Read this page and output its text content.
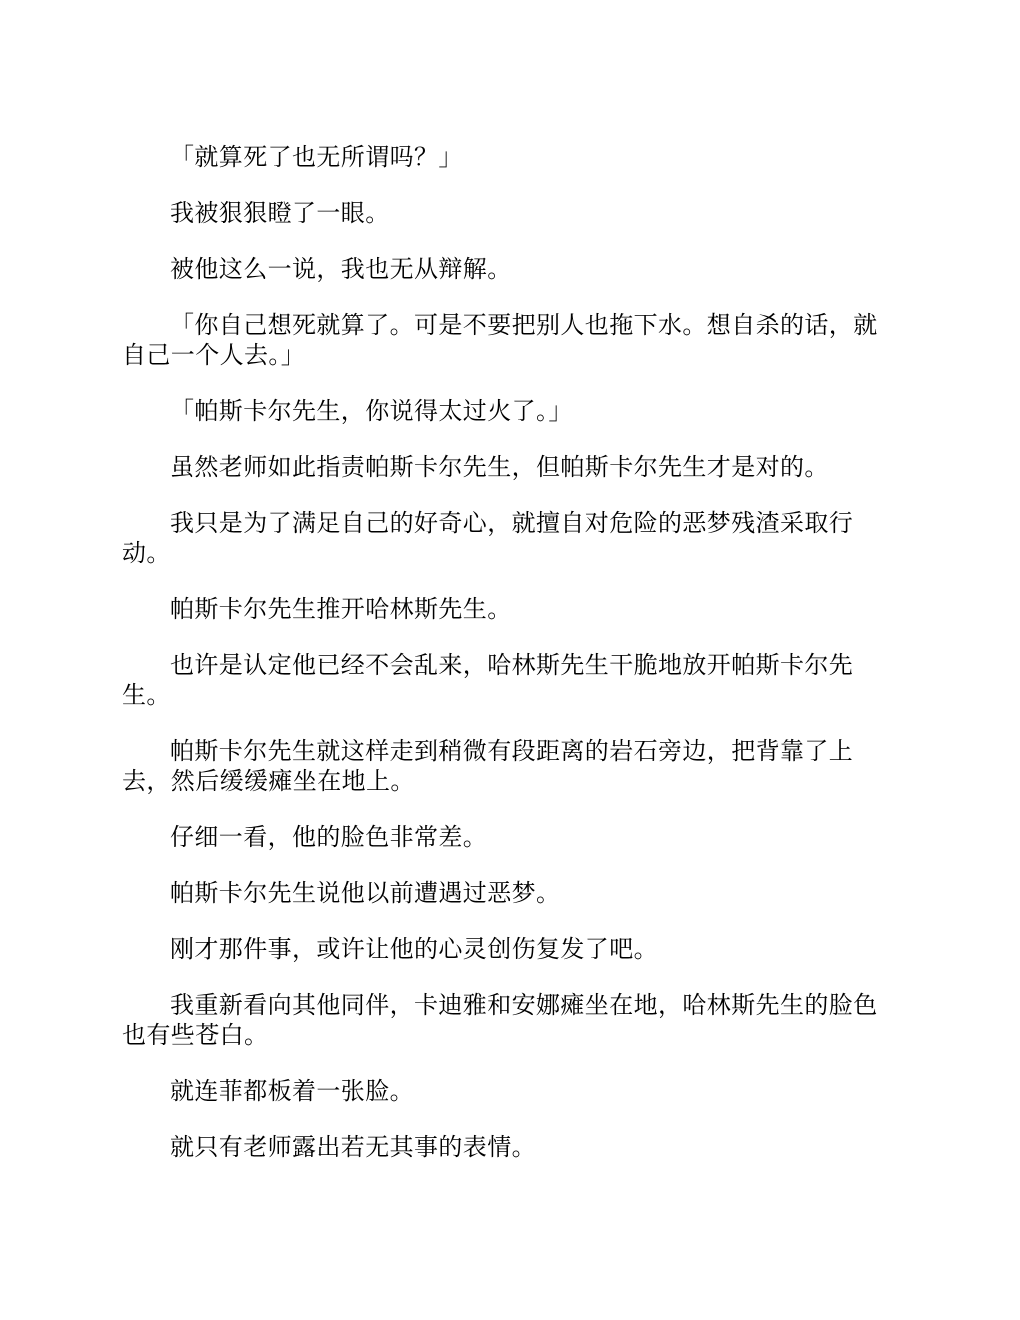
「就算死了也无所谓吗？」

我被狠狠瞪了一眼。

被他这么一说，我也无从辩解。

「你自己想死就算了。可是不要把别人也拖下水。想自杀的话，就自己一个人去。」

「帕斯卡尔先生，你说得太过火了。」

虽然老师如此指责帕斯卡尔先生，但帕斯卡尔先生才是对的。

我只是为了满足自己的好奇心，就擅自对危险的恶梦残渣采取行动。

帕斯卡尔先生推开哈林斯先生。

也许是认定他已经不会乱来，哈林斯先生干脆地放开帕斯卡尔先生。

帕斯卡尔先生就这样走到稍微有段距离的岩石旁边，把背靠了上去，然后缓缓瘫坐在地上。

仔细一看，他的脸色非常差。

帕斯卡尔先生说他以前遭遇过恶梦。

刚才那件事，或许让他的心灵创伤复发了吧。

我重新看向其他同伴，卡迪雅和安娜瘫坐在地，哈林斯先生的脸色也有些苍白。

就连菲都板着一张脸。

就只有老师露出若无其事的表情。
